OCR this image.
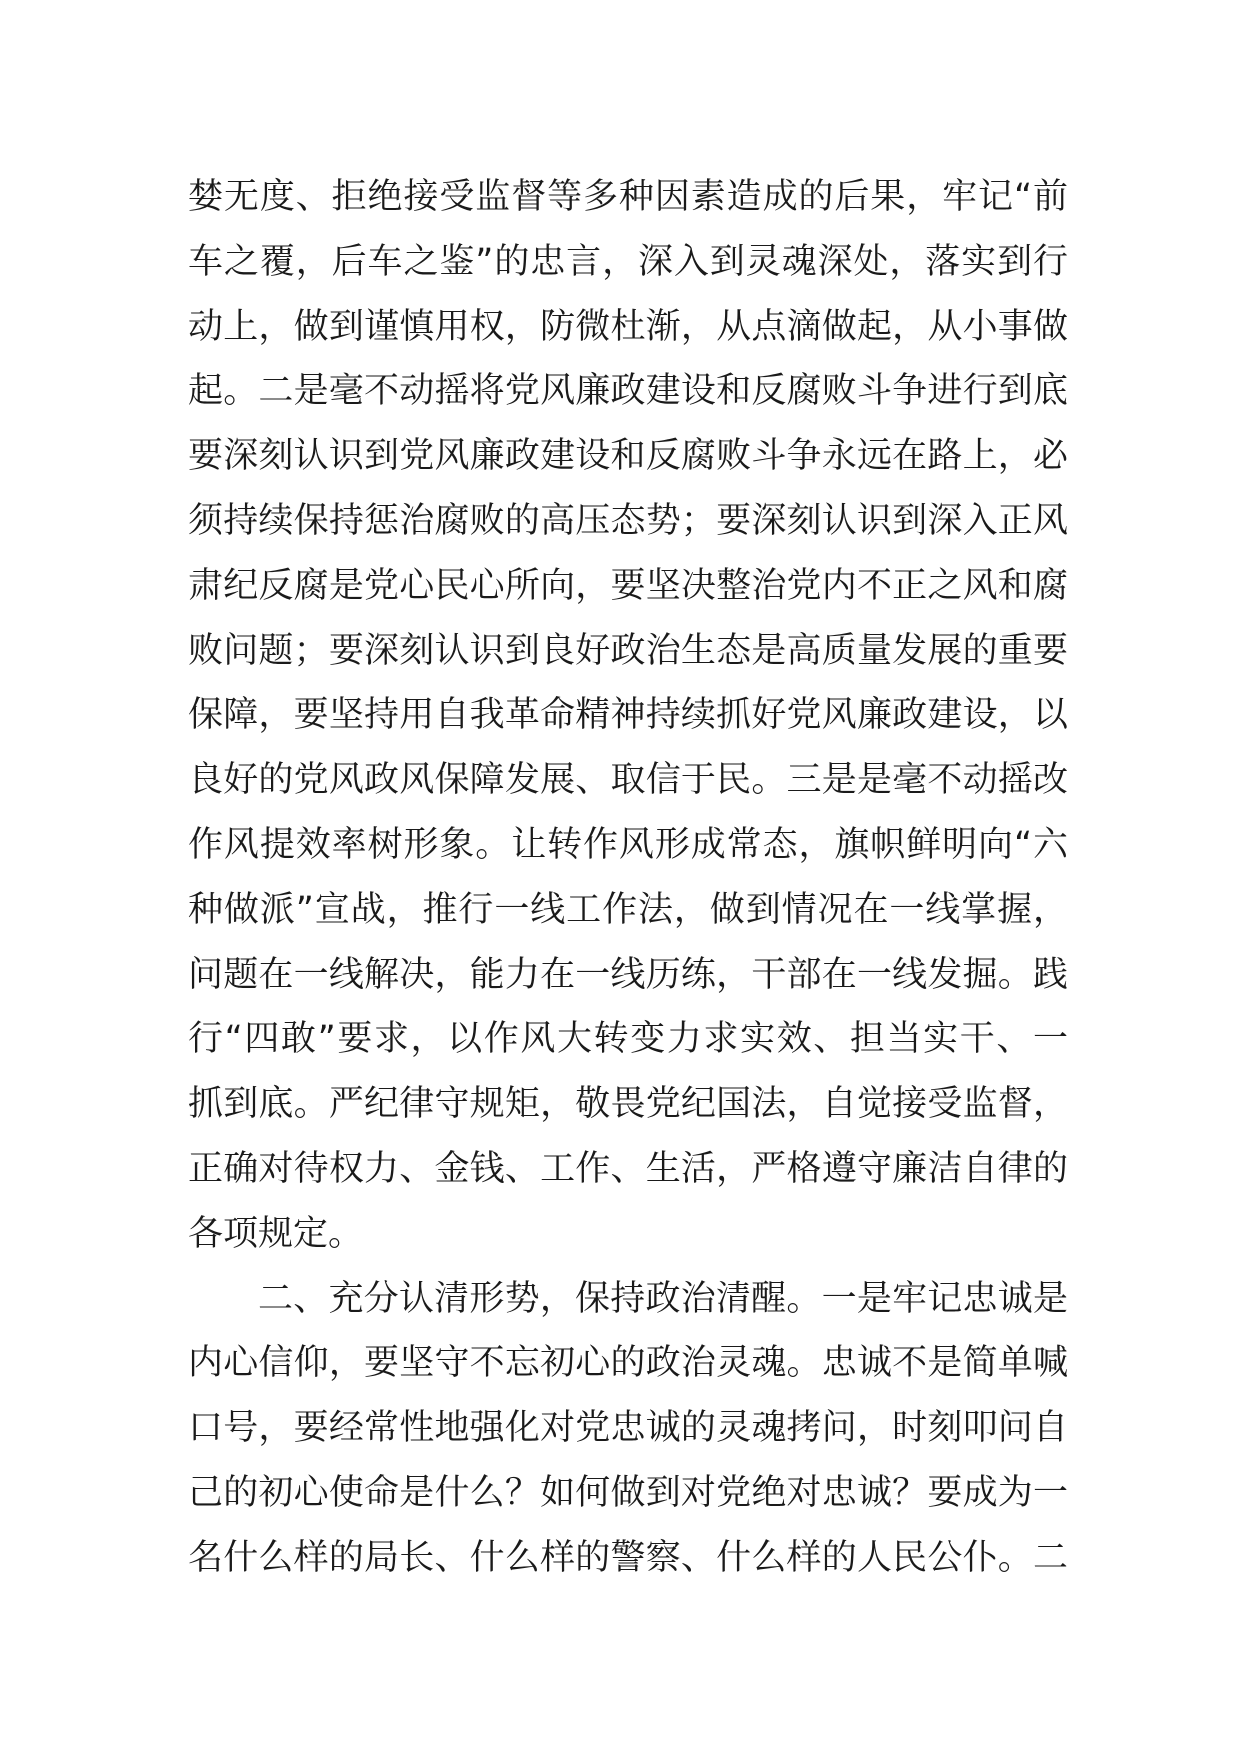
婪无度、拒绝接受监督等多种因素造成的后果，牢记“前
车之覆，后车之鉴”的忠言，深入到灵魂深处，落实到行
动上，做到谨慎用权，防微杜渐，从点滴做起，从小事做
起。二是毫不动摇将党风廉政建设和反腐败斗争进行到底
要深刻认识到党风廉政建设和反腐败斗争永远在路上，必
须持续保持惩治腐败的高压态势；要深刻认识到深入正风
肃纪反腐是党心民心所向，要坚决整治党内不正之风和腐
败问题；要深刻认识到良好政治生态是高质量发展的重要
保障，要坚持用自我革命精神持续抓好党风廉政建设，以
良好的党风政风保障发展、取信于民。三是是毫不动摇改
作风提效率树形象。让转作风形成常态，旗帜鲜明向“六
种做派”宣战，推行一线工作法，做到情况在一线掌握，
问题在一线解决，能力在一线历练，干部在一线发掘。践
行“四敢”要求，以作风大转变力求实效、担当实干、一
抓到底。严纪律守规矩，敬畏党纪国法，自觉接受监督，
正确对待权力、金钱、工作、生活，严格遵守廉洁自律的
各项规定。
二、充分认清形势，保持政治清醒。一是牢记忠诚是
内心信仰，要坚守不忘初心的政治灵魂。忠诚不是简单喊
口号，要经常性地强化对党忠诚的灵魂拷问，时刻叩问自
己的初心使命是什么？如何做到对党绝对忠诚？要成为一
名什么样的局长、什么样的警察、什么样的人民公仆。二
